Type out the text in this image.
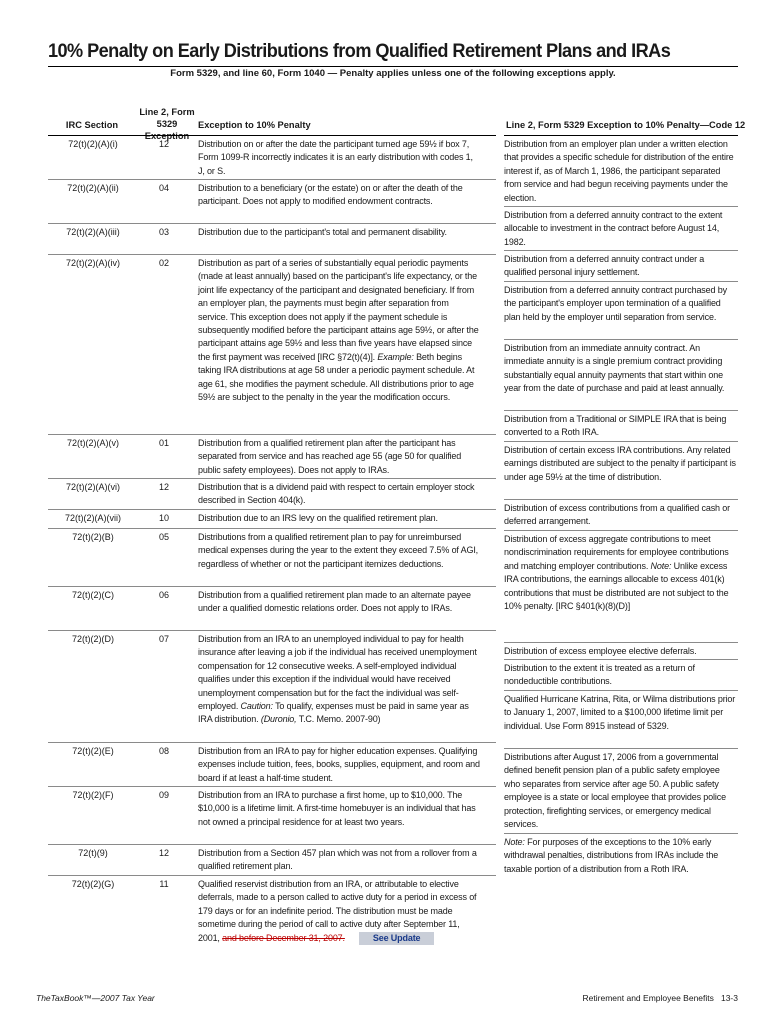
10% Penalty on Early Distributions from Qualified Retirement Plans and IRAs
Form 5329, and line 60, Form 1040 — Penalty applies unless one of the following exceptions apply.
IRC Section
Line 2, Form
5329 Exception
Exception to 10% Penalty	Line 2, Form 5329 Exception to 10% Penalty—Code 12
72(t)(2)(A)(i)	12	Distribution on or after the date the participant turned age 59½ if box 7, Form 1099-R incorrectly indicates it is an early distribution with codes 1, J, or S.
72(t)(2)(A)(ii)	04	Distribution to a beneficiary (or the estate) on or after the death of the participant. Does not apply to modified endowment contracts.
72(t)(2)(A)(iii)	03	Distribution due to the participant's total and permanent disability.
72(t)(2)(A)(iv)	02	Distribution as part of a series of substantially equal periodic payments (made at least annually) based on the participant's life expectancy, or the joint life expectancy of the participant and designated beneficiary. If from an employer plan, the payments must begin after separation from service. This exception does not apply if the payment schedule is subsequently modified before the participant attains age 59½, or after the participant attains age 59½ and less than five years have elapsed since the first payment was received [IRC §72(t)(4)]. Example: Beth begins taking IRA distributions at age 58 under a periodic payment schedule. At age 61, she modifies the payment schedule. All distributions prior to age 59½ are subject to the penalty in the year the modification occurs.
72(t)(2)(A)(v)	01	Distribution from a qualified retirement plan after the participant has separated from service and has reached age 55 (age 50 for qualified public safety employees). Does not apply to IRAs.
72(t)(2)(A)(vi)	12	Distribution that is a dividend paid with respect to certain employer stock described in Section 404(k).
72(t)(2)(A)(vii)	10	Distribution due to an IRS levy on the qualified retirement plan.
72(t)(2)(B)	05	Distributions from a qualified retirement plan to pay for unreimbursed medical expenses during the year to the extent they exceed 7.5% of AGI, regardless of whether or not the participant itemizes deductions.
72(t)(2)(C)	06	Distribution from a qualified retirement plan made to an alternate payee under a qualified domestic relations order. Does not apply to IRAs.
72(t)(2)(D)	07	Distribution from an IRA to an unemployed individual to pay for health insurance after leaving a job if the individual has received unemployment compensation for 12 consecutive weeks. A self-employed individual qualifies under this exception if the individual would have received unemployment compensation but for the fact the individual was self-employed. Caution: To qualify, expenses must be paid in same year as IRA distribution. (Duronio, T.C. Memo. 2007-90)
72(t)(2)(E)	08	Distribution from an IRA to pay for higher education expenses. Qualifying expenses include tuition, fees, books, supplies, equipment, and room and board if at least a half-time student.
72(t)(2)(F)	09	Distribution from an IRA to purchase a first home, up to $10,000. The $10,000 is a lifetime limit. A first-time homebuyer is an individual that has not owned a principal residence for at least two years.
72(t)(9)	12	Distribution from a Section 457 plan which was not from a rollover from a qualified retirement plan.
72(t)(2)(G)	11	Qualified reservist distribution from an IRA, or attributable to elective deferrals, made to a person called to active duty for a period in excess of 179 days or for an indefinite period. The distribution must be made sometime during the period of call to active duty after September 11, 2001, and before December 31, 2007.	See Update
Distribution from an employer plan under a written election that provides a specific schedule for distribution of the entire interest if, as of March 1, 1986, the participant separated from service and had begun receiving payments under the election.
Distribution from a deferred annuity contract to the extent allocable to investment in the contract before August 14, 1982.
Distribution from a deferred annuity contract under a qualified personal injury settlement.
Distribution from a deferred annuity contract purchased by the participant's employer upon termination of a qualified plan held by the employer until separation from service.
Distribution from an immediate annuity contract. An immediate annuity is a single premium contract providing substantially equal annuity payments that start within one year from the date of purchase and paid at least annually.
Distribution from a Traditional or SIMPLE IRA that is being converted to a Roth IRA.
Distribution of certain excess IRA contributions. Any related earnings distributed are subject to the penalty if participant is under age 59½ at the time of distribution.
Distribution of excess contributions from a qualified cash or deferred arrangement.
Distribution of excess aggregate contributions to meet nondiscrimination requirements for employee contributions and matching employer contributions. Note: Unlike excess IRA contributions, the earnings allocable to excess 401(k) contributions that must be distributed are not subject to the 10% penalty. [IRC §401(k)(8)(D)]
Distribution of excess employee elective deferrals.
Distribution to the extent it is treated as a return of nondeductible contributions.
Qualified Hurricane Katrina, Rita, or Wilma distributions prior to January 1, 2007, limited to a $100,000 lifetime limit per individual. Use Form 8915 instead of 5329.
Distributions after August 17, 2006 from a governmental defined benefit pension plan of a public safety employee who separates from service after age 50. A public safety employee is a state or local employee that provides police protection, firefighting services, or emergency medical services.
Note: For purposes of the exceptions to the 10% early withdrawal penalties, distributions from IRAs include the taxable portion of a distribution from a Roth IRA.
TheTaxBook™—2007 Tax Year	Retirement and Employee Benefits   13-3
